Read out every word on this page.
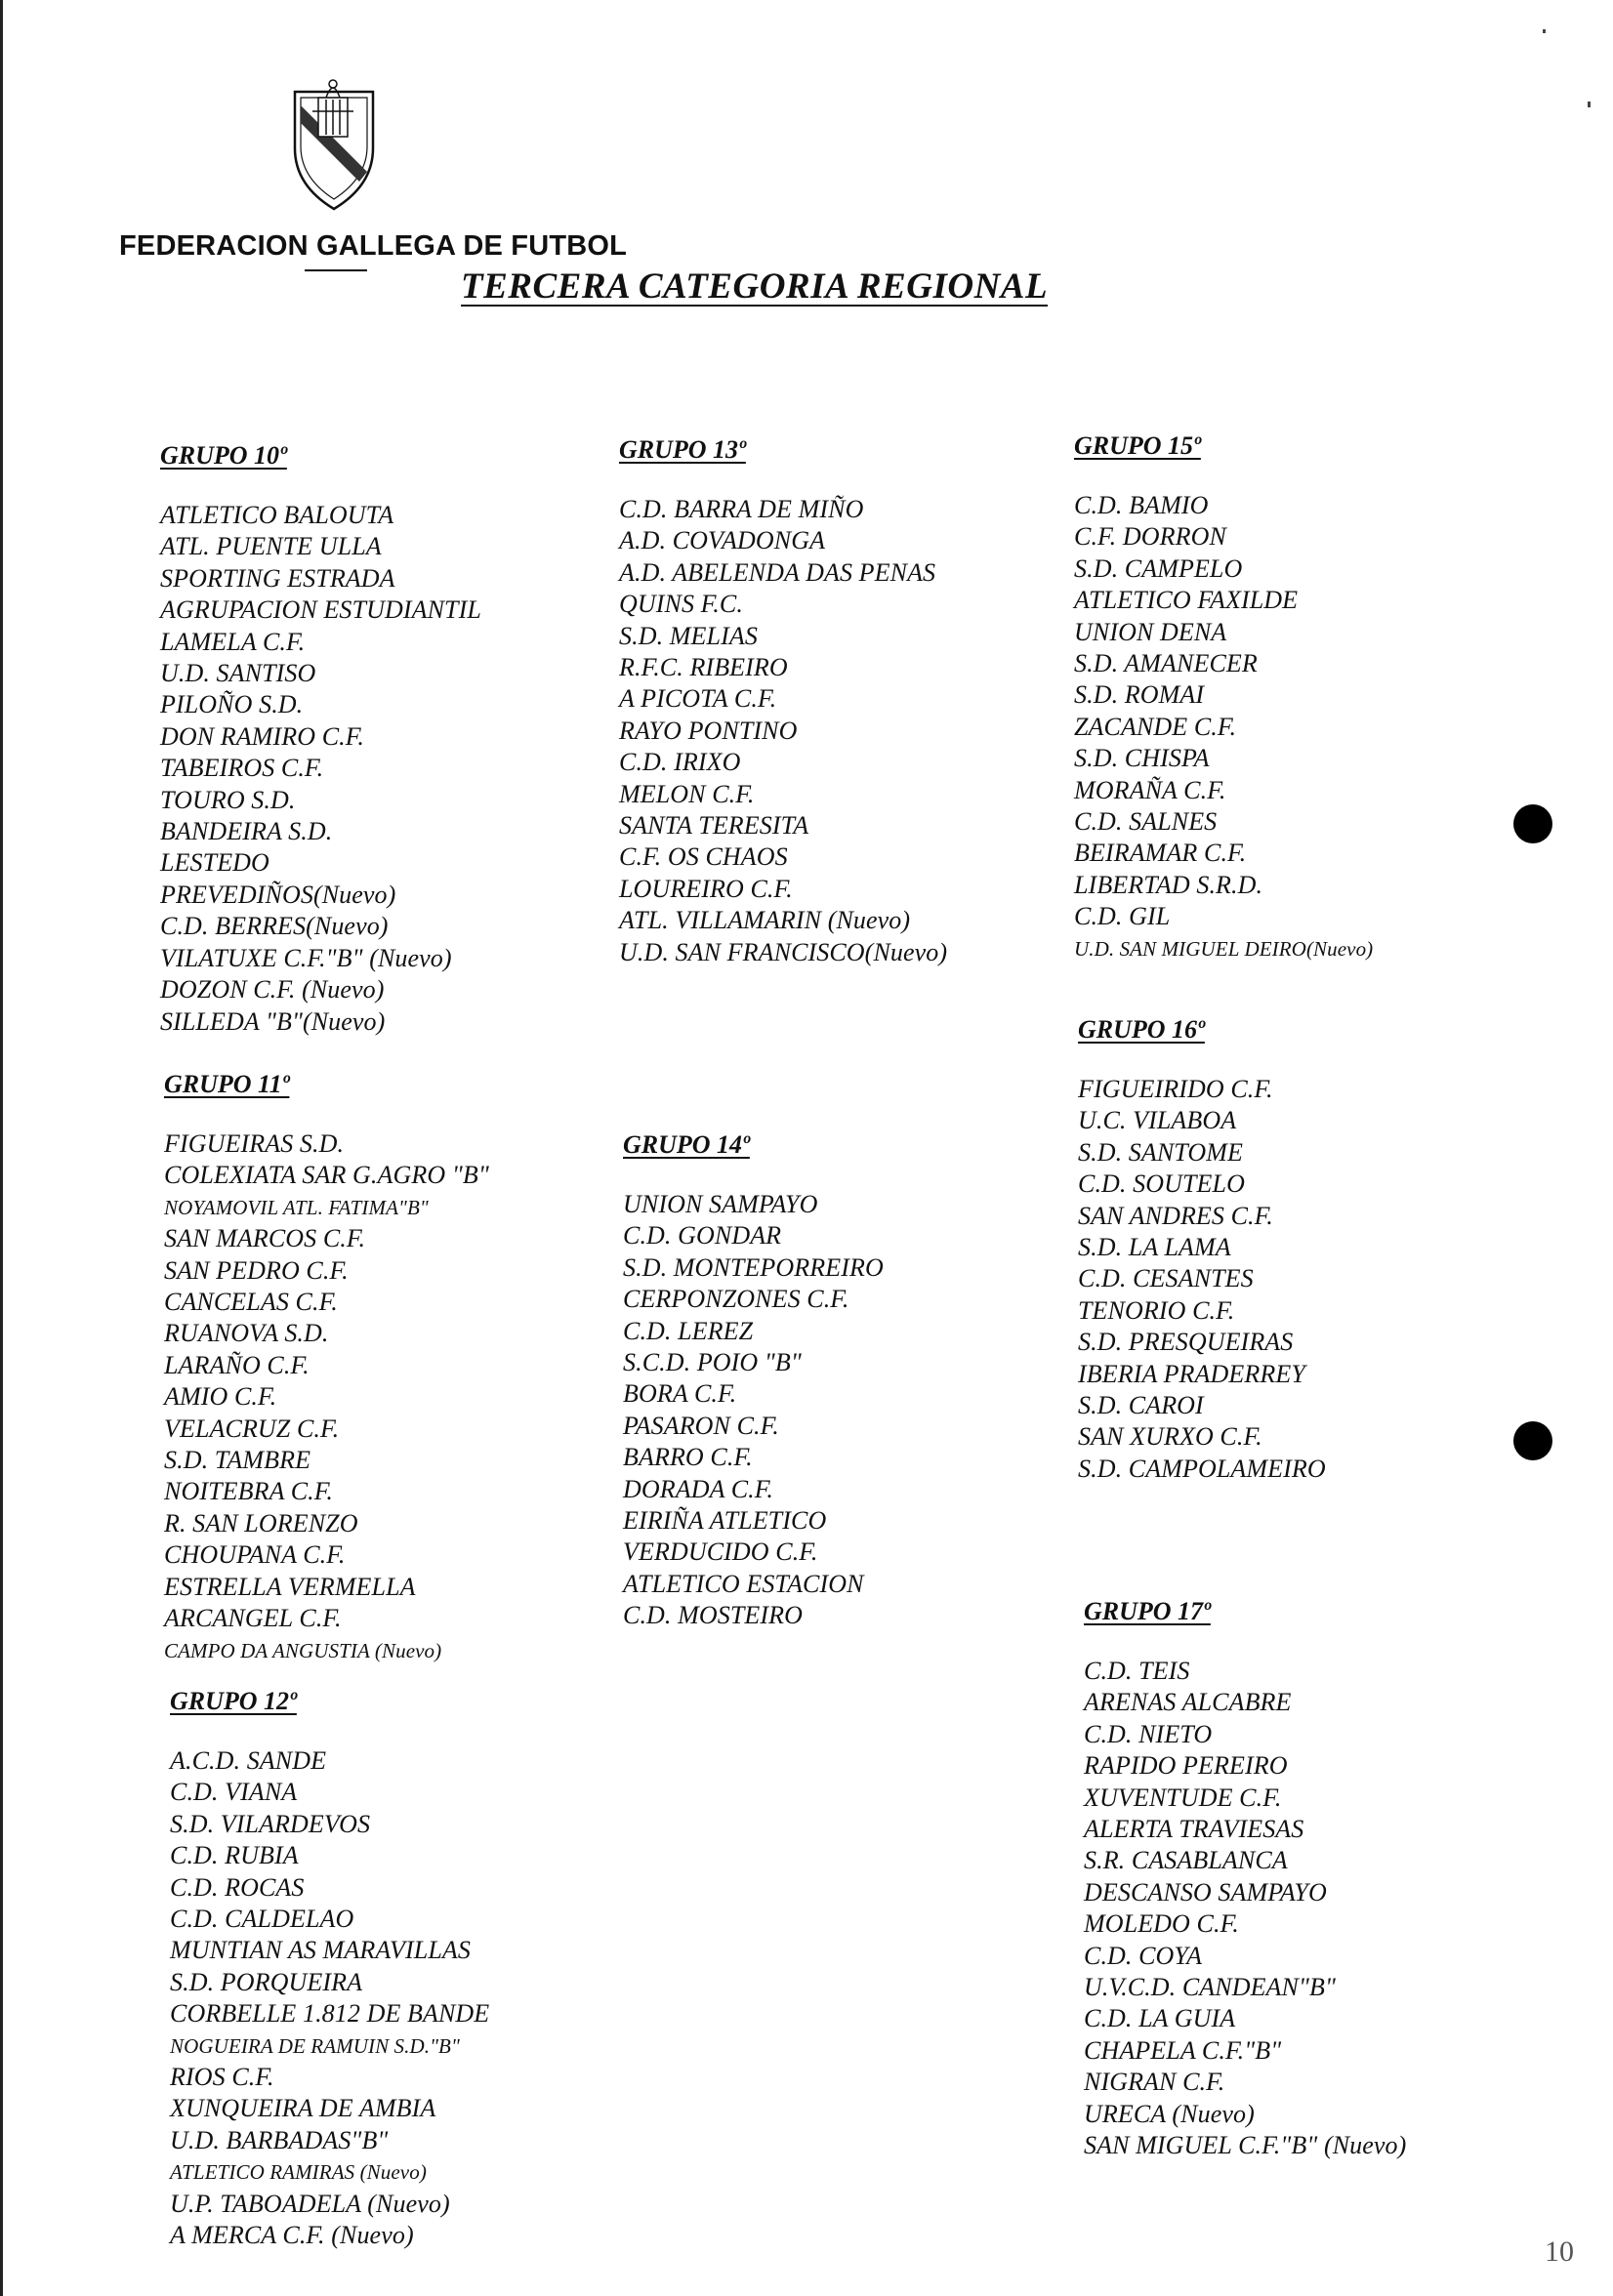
FEDERACION GALLEGA DE FUTBOL
TERCERA CATEGORIA REGIONAL
GRUPO 10º
ATLETICO BALOUTA
ATL. PUENTE ULLA
SPORTING ESTRADA
AGRUPACION ESTUDIANTIL
LAMELA C.F.
U.D. SANTISO
PILOÑO S.D.
DON RAMIRO C.F.
TABEIROS C.F.
TOURO S.D.
BANDEIRA S.D.
LESTEDO
PREVEDIÑOS(Nuevo)
C.D. BERRES(Nuevo)
VILATUXE C.F."B" (Nuevo)
DOZON C.F. (Nuevo)
SILLEDA "B"(Nuevo)
GRUPO 11º
FIGUEIRAS S.D.
COLEXIATA SAR G.AGRO "B"
NOYAMOVIL ATL. FATIMA"B"
SAN MARCOS C.F.
SAN PEDRO C.F.
CANCELAS C.F.
RUANOVA S.D.
LARAÑO C.F.
AMIO C.F.
VELACRUZ C.F.
S.D. TAMBRE
NOITEBRA C.F.
R. SAN LORENZO
CHOUPANA C.F.
ESTRELLA VERMELLA
ARCANGEL C.F.
CAMPO DA ANGUSTIA (Nuevo)
GRUPO 12º
A.C.D. SANDE
C.D. VIANA
S.D. VILARDEVOS
C.D. RUBIA
C.D. ROCAS
C.D. CALDELAO
MUNTIAN AS MARAVILLAS
S.D. PORQUEIRA
CORBELLE 1.812 DE BANDE
NOGUEIRA DE RAMUIN S.D."B"
RIOS C.F.
XUNQUEIRA DE AMBIA
U.D. BARBADAS"B"
ATLETICO RAMIRAS (Nuevo)
U.P. TABOADELA (Nuevo)
A MERCA C.F. (Nuevo)
GRUPO 13º
C.D. BARRA DE MIÑO
A.D. COVADONGA
A.D. ABELENDA DAS PENAS
QUINS F.C.
S.D. MELIAS
R.F.C. RIBEIRO
A PICOTA C.F.
RAYO PONTINO
C.D. IRIXO
MELON C.F.
SANTA TERESITA
C.F. OS CHAOS
LOUREIRO C.F.
ATL. VILLAMARIN (Nuevo)
U.D. SAN FRANCISCO(Nuevo)
GRUPO 14º
UNION SAMPAYO
C.D. GONDAR
S.D. MONTEPORREIRO
CERPONZONES C.F.
C.D. LEREZ
S.C.D. POIO "B"
BORA C.F.
PASARON C.F.
BARRO C.F.
DORADA C.F.
EIRIÑA ATLETICO
VERDUCIDO C.F.
ATLETICO ESTACION
C.D. MOSTEIRO
GRUPO 15º
C.D. BAMIO
C.F. DORRON
S.D. CAMPELO
ATLETICO FAXILDE
UNION DENA
S.D. AMANECER
S.D. ROMAI
ZACANDE C.F.
S.D. CHISPA
MORAÑA C.F.
C.D. SALNES
BEIRAMAR C.F.
LIBERTAD S.R.D.
C.D. GIL
U.D. SAN MIGUEL DEIRO(Nuevo)
GRUPO 16º
FIGUEIRIDO C.F.
U.C. VILABOA
S.D. SANTOME
C.D. SOUTELO
SAN ANDRES C.F.
S.D. LA LAMA
C.D. CESANTES
TENORIO C.F.
S.D. PRESQUEIRAS
IBERIA PRADERREY
S.D. CAROI
SAN XURXO C.F.
S.D. CAMPOLAMEIRO
GRUPO 17º
C.D. TEIS
ARENAS ALCABRE
C.D. NIETO
RAPIDO PEREIRO
XUVENTUDE C.F.
ALERTA TRAVIESAS
S.R. CASABLANCA
DESCANSO SAMPAYO
MOLEDO C.F.
C.D. COYA
U.V.C.D. CANDEAN"B"
C.D. LA GUIA
CHAPELA C.F."B"
NIGRAN C.F.
URECA (Nuevo)
SAN MIGUEL C.F."B" (Nuevo)
10
